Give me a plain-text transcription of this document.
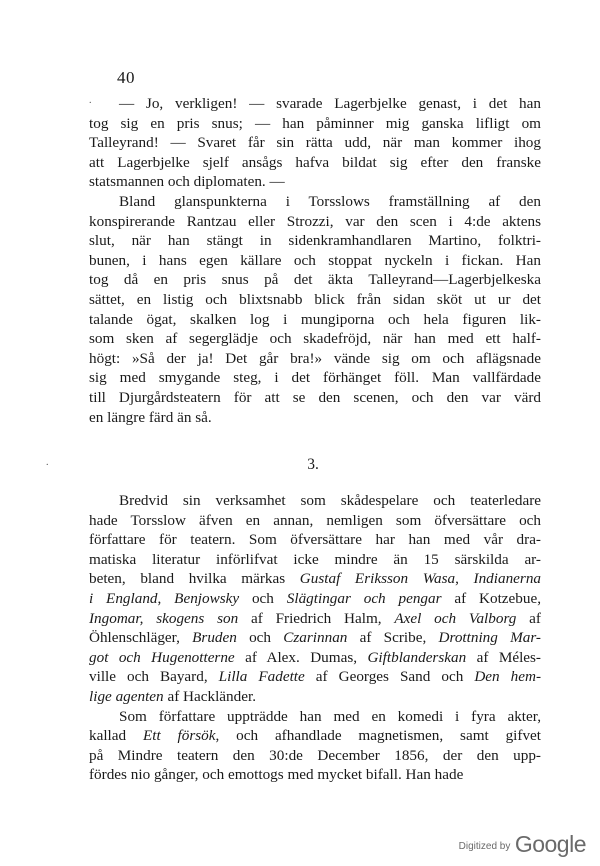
40
.
.
— Jo, verkligen! — svarade Lagerbjelke genast, i det han
tog sig en pris snus; — han påminner mig ganska lifligt om
Talleyrand! — Svaret får sin rätta udd, när man kommer ihog
att Lagerbjelke sjelf ansågs hafva bildat sig efter den franske
statsmannen och diplomaten. —
Bland glanspunkterna i Torsslows framställning af den
konspirerande Rantzau eller Strozzi, var den scen i 4:de aktens
slut, när han stängt in sidenkramhandlaren Martino, folktri-
bunen, i hans egen källare och stoppat nyckeln i fickan. Han
tog då en pris snus på det äkta Talleyrand—Lagerbjelkeska
sättet, en listig och blixtsnabb blick från sidan sköt ut ur det
talande ögat, skalken log i mungiporna och hela figuren lik-
som sken af segerglädje och skadefröjd, när han med ett half-
högt: »Så der ja! Det går bra!» vände sig om och aflägsnade
sig med smygande steg, i det förhänget föll. Man vallfärdade
till Djurgårdsteatern för att se den scenen, och den var värd
en längre färd än så.
3.
Bredvid sin verksamhet som skådespelare och teaterledare
hade Torsslow äfven en annan, nemligen som öfversättare och
författare för teatern. Som öfversättare har han med vår dra-
matiska literatur införlifvat icke mindre än 15 särskilda ar-
beten, bland hvilka märkas Gustaf Eriksson Wasa, Indianerna
i England, Benjowsky och Slägtingar och pengar af Kotzebue,
Ingomar, skogens son af Friedrich Halm, Axel och Valborg af
Öhlenschläger, Bruden och Czarinnan af Scribe, Drottning Mar-
got och Hugenotterne af Alex. Dumas, Giftblanderskan af Méles-
ville och Bayard, Lilla Fadette af Georges Sand och Den hem-
lige agenten af Hackländer.
Som författare uppträdde han med en komedi i fyra akter,
kallad Ett försök, och afhandlade magnetismen, samt gifvet
på Mindre teatern den 30:de December 1856, der den upp-
fördes nio gånger, och emottogs med mycket bifall. Han hade
Digitized by Google
